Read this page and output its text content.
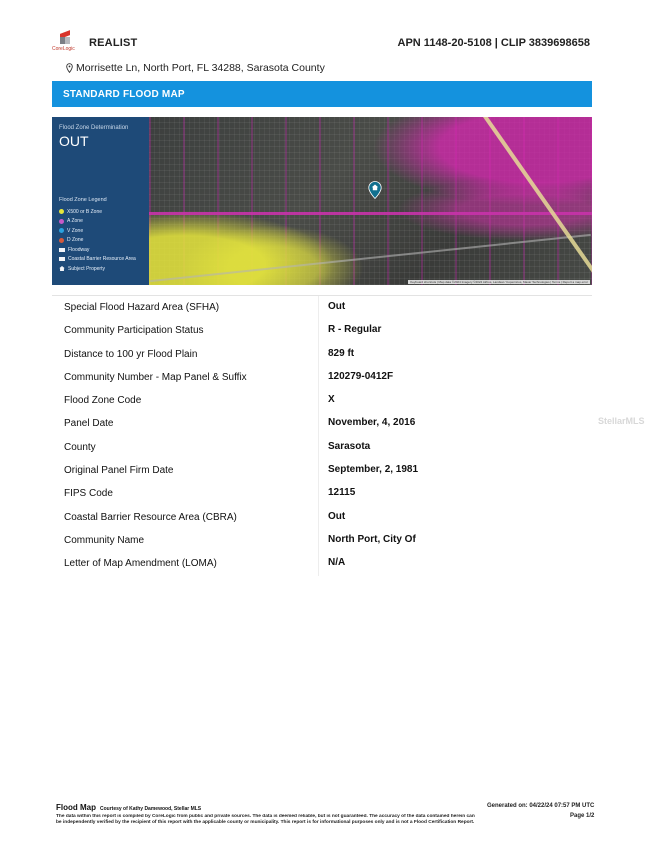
CoreLogic REALIST	APN 1148-20-5108 | CLIP 3839698658
Morrisette Ln, North Port, FL 34288, Sarasota County
STANDARD FLOOD MAP
Flood Zone Determination
OUT
Flood Zone Legend
X500 or B Zone
A Zone
V Zone
D Zone
Floodway
Coastal Barrier Resource Area
Subject Property
Keyboard shortcuts | Map data ©2024 Imagery ©2024 Airbus, Landsat / Copernicus, Maxar Technologies | Terms | Report a map error
Special Flood Hazard Area (SFHA)	Out
Community Participation Status	R - Regular
Distance to 100 yr Flood Plain	829 ft
Community Number - Map Panel & Suffix	120279-0412F
Flood Zone Code	X
Panel Date	November, 4, 2016
County	Sarasota
Original Panel Firm Date	September, 2, 1981
FIPS Code	12115
Coastal Barrier Resource Area (CBRA)	Out
Community Name	North Port, City Of
Letter of Map Amendment (LOMA)	N/A
StellarMLS
Flood Map Courtesy of Kathy Damewood, Stellar MLS	Generated on: 04/22/24 07:57 PM UTC
Page 1/2
The data within this report is compiled by CoreLogic from public and private sources. The data is deemed reliable, but is not guaranteed. The accuracy of the data contained herein can be independently verified by the recipient of this report with the applicable county or municipality. This report is for informational purposes only and is not a Flood Certification Report.
